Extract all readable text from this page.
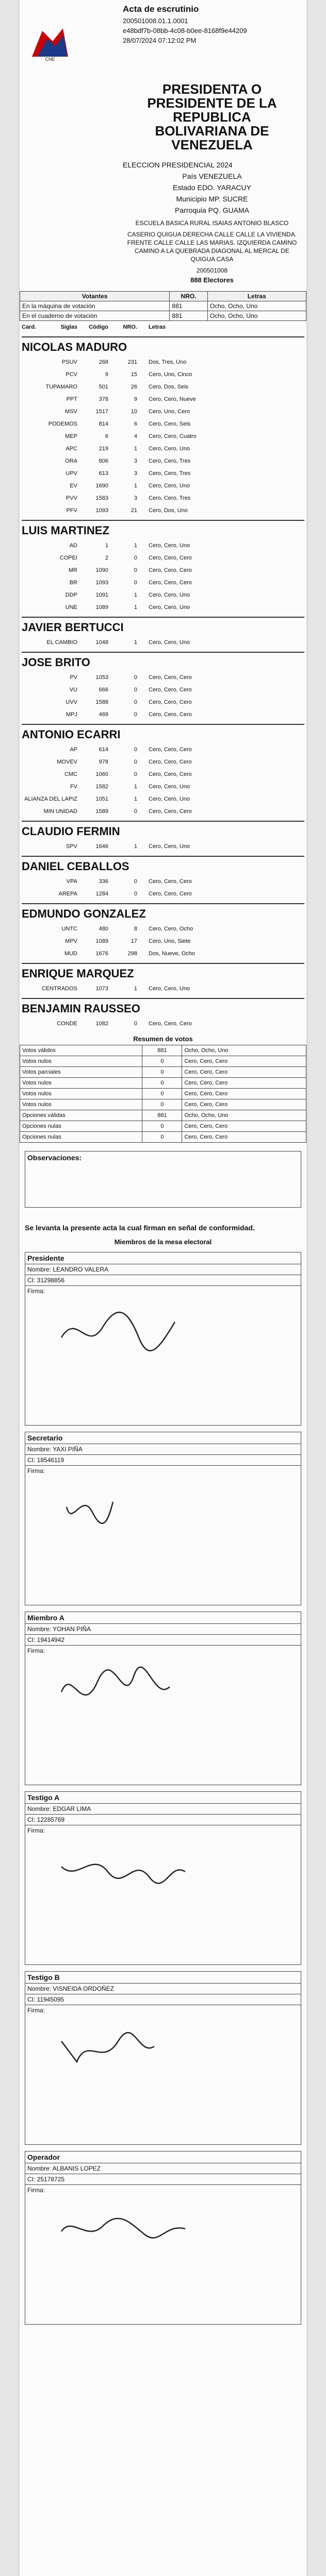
CNE
Acta de escrutinio
200501008.01.1.0001
e48bdf7b-08bb-4c08-b0ee-8168f9e44209
28/07/2024 07:12:02 PM
PRESIDENTA O PRESIDENTE DE LA REPUBLICA BOLIVARIANA DE VENEZUELA
ELECCION PRESIDENCIAL 2024
País VENEZUELA
Estado EDO. YARACUY
Municipio MP. SUCRE
Parroquia PQ. GUAMA
ESCUELA BASICA RURAL ISAIAS ANTONIO BLASCO
CASERIO QUIGUA DERECHA CALLE CALLE LA VIVIENDA. FRENTE CALLE CALLE LAS MARIAS. IZQUIERDA CAMINO CAMINO A LA QUEBRADA DIAGONAL AL MERCAL DE QUIGUA CASA
200501008
888 Electores
Votantes	NRO.	Letras
En la máquina de votación	881	Ocho, Ocho, Uno
En el cuaderno de votación	881	Ocho, Ocho, Uno
Card.	Siglas	Código	NRO.	Letras
NICOLAS MADURO
PSUV	268	231	Dos, Tres, Uno
PCV	9	15	Cero, Uno, Cinco
TUPAMARO	501	26	Cero, Dos, Seis
PPT	378	9	Cero, Cero, Nueve
MSV	1517	10	Cero, Uno, Cero
PODEMOS	814	6	Cero, Cero, Seis
MEP	6	4	Cero, Cero, Cuatro
APC	219	1	Cero, Cero, Uno
ORA	806	3	Cero, Cero, Tres
UPV	613	3	Cero, Cero, Tres
EV	1690	1	Cero, Cero, Uno
PVV	1583	3	Cero, Cero, Tres
PFV	1093	21	Cero, Dos, Uno
LUIS MARTINEZ
AD	1	1	Cero, Cero, Uno
COPEI	2	0	Cero, Cero, Cero
MR	1090	0	Cero, Cero, Cero
BR	1093	0	Cero, Cero, Cero
DDP	1091	1	Cero, Cero, Uno
UNE	1089	1	Cero, Cero, Uno
JAVIER BERTUCCI
EL CAMBIO	1048	1	Cero, Cero, Uno
JOSE BRITO
PV	1053	0	Cero, Cero, Cero
VU	666	0	Cero, Cero, Cero
UVV	1588	0	Cero, Cero, Cero
MPJ	469	0	Cero, Cero, Cero
ANTONIO ECARRI
AP	614	0	Cero, Cero, Cero
MOVEV	978	0	Cero, Cero, Cero
CMC	1060	0	Cero, Cero, Cero
FV	1582	1	Cero, Cero, Uno
ALIANZA DEL LAPIZ	1051	1	Cero, Cero, Uno
MIN UNIDAD	1589	0	Cero, Cero, Cero
CLAUDIO FERMIN
SPV	1646	1	Cero, Cero, Uno
DANIEL CEBALLOS
VPA	336	0	Cero, Cero, Cero
AREPA	1284	0	Cero, Cero, Cero
EDMUNDO GONZALEZ
UNTC	480	8	Cero, Cero, Ocho
MPV	1089	17	Cero, Uno, Siete
MUD	1676	298	Dos, Nueve, Ocho
ENRIQUE MARQUEZ
CENTRADOS	1073	1	Cero, Cero, Uno
BENJAMIN RAUSSEO
CONDE	1082	0	Cero, Cero, Cero
Resumen de votos
Votos válidos	881	Ocho, Ocho, Uno
Votos nulos	0	Cero, Cero, Cero
Votos parciales	0	Cero, Cero, Cero
Votos nulos	0	Cero, Cero, Cero
Votos nulos	0	Cero, Cero, Cero
Votos nulos	0	Cero, Cero, Cero
Opciones válidas	881	Ocho, Ocho, Uno
Opciones nulas	0	Cero, Cero, Cero
Opciones nulas	0	Cero, Cero, Cero
Observaciones:
Se levanta la presente acta la cual firman en señal de conformidad.
Miembros de la mesa electoral
Presidente
Nombre: LEANDRO VALERA
CI: 31298856
Firma:
Secretario
Nombre: YAXI PIÑA
CI: 18546119
Firma:
Miembro A
Nombre: YOHAN PIÑA
CI: 19414942
Firma:
Testigo A
Nombre: EDGAR LIMA
CI: 12285769
Firma:
Testigo B
Nombre: VISNEIDA ORDOÑEZ
CI: 11945095
Firma:
Operador
Nombre: ALBANIS LOPEZ
CI: 25178725
Firma:
